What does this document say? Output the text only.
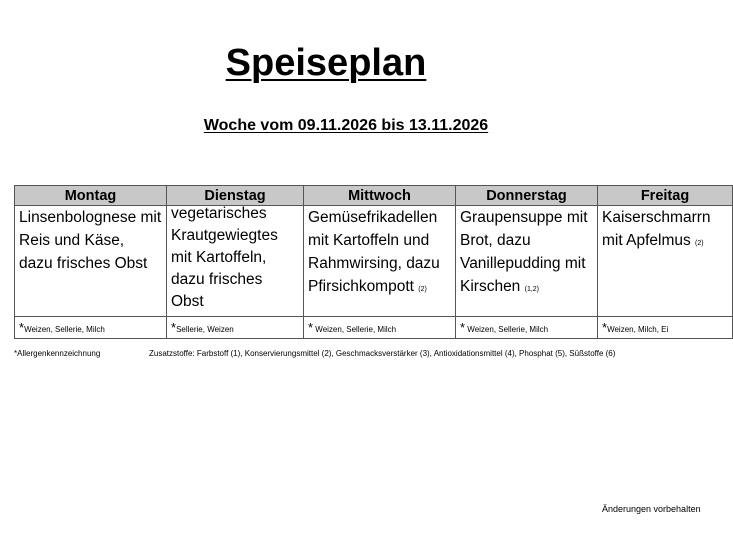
Speiseplan
Woche vom 09.11.2026 bis 13.11.2026
Montag	Dienstag	Mittwoch	Donnerstag	Freitag
Linsenbolognese mit Reis und Käse, dazu frisches Obst	vegetarisches Krautgewiegtes mit Kartoffeln, dazu frisches Obst	Gemüsefrikadellen mit Kartoffeln und Rahmwirsing, dazu Pfirsichkompott (2)	Graupensuppe mit Brot, dazu Vanillepudding mit Kirschen (1,2)	Kaiserschmarrn mit Apfelmus (2)
*Weizen, Sellerie, Milch	*Sellerie, Weizen	* Weizen, Sellerie, Milch	* Weizen, Sellerie, Milch	*Weizen, Milch, Ei
*Allergenkennzeichnung	Zusatzstoffe: Farbstoff (1), Konservierungsmittel (2), Geschmacksverstärker (3), Antioxidationsmittel (4), Phosphat (5), Süßstoffe (6)
Änderungen vorbehalten
